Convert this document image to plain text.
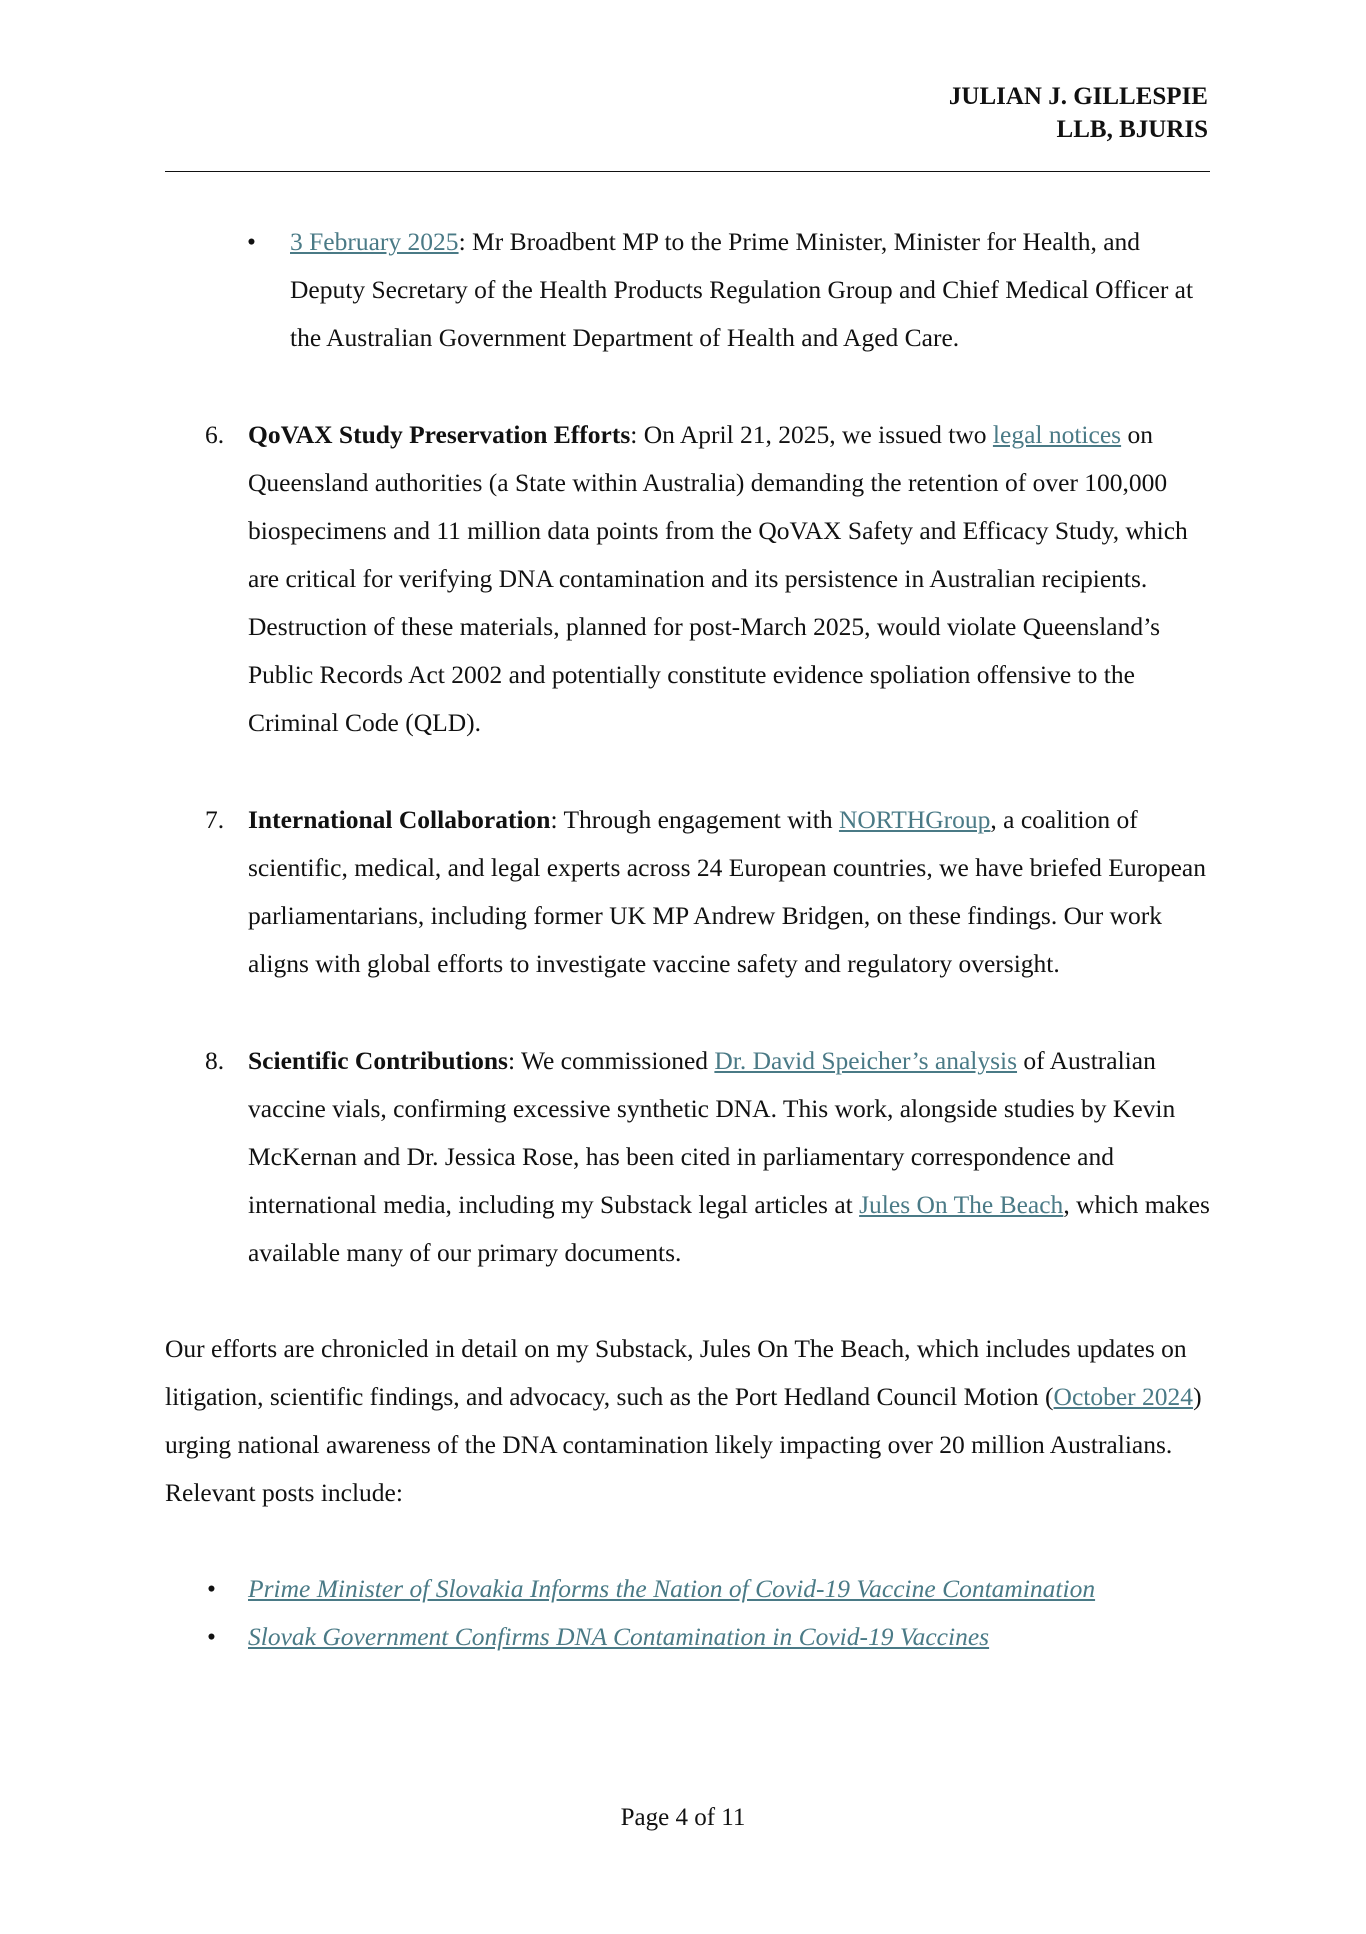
JULIAN J. GILLESPIE
LLB, BJURIS
• 3 February 2025: Mr Broadbent MP to the Prime Minister, Minister for Health, and Deputy Secretary of the Health Products Regulation Group and Chief Medical Officer at the Australian Government Department of Health and Aged Care.
6. QoVAX Study Preservation Efforts: On April 21, 2025, we issued two legal notices on Queensland authorities (a State within Australia) demanding the retention of over 100,000 biospecimens and 11 million data points from the QoVAX Safety and Efficacy Study, which are critical for verifying DNA contamination and its persistence in Australian recipients. Destruction of these materials, planned for post-March 2025, would violate Queensland’s Public Records Act 2002 and potentially constitute evidence spoliation offensive to the Criminal Code (QLD).
7. International Collaboration: Through engagement with NORTHGroup, a coalition of scientific, medical, and legal experts across 24 European countries, we have briefed European parliamentarians, including former UK MP Andrew Bridgen, on these findings. Our work aligns with global efforts to investigate vaccine safety and regulatory oversight.
8. Scientific Contributions: We commissioned Dr. David Speicher’s analysis of Australian vaccine vials, confirming excessive synthetic DNA. This work, alongside studies by Kevin McKernan and Dr. Jessica Rose, has been cited in parliamentary correspondence and international media, including my Substack legal articles at Jules On The Beach, which makes available many of our primary documents.
Our efforts are chronicled in detail on my Substack, Jules On The Beach, which includes updates on litigation, scientific findings, and advocacy, such as the Port Hedland Council Motion (October 2024) urging national awareness of the DNA contamination likely impacting over 20 million Australians. Relevant posts include:
• Prime Minister of Slovakia Informs the Nation of Covid-19 Vaccine Contamination
• Slovak Government Confirms DNA Contamination in Covid-19 Vaccines
Page 4 of 11
